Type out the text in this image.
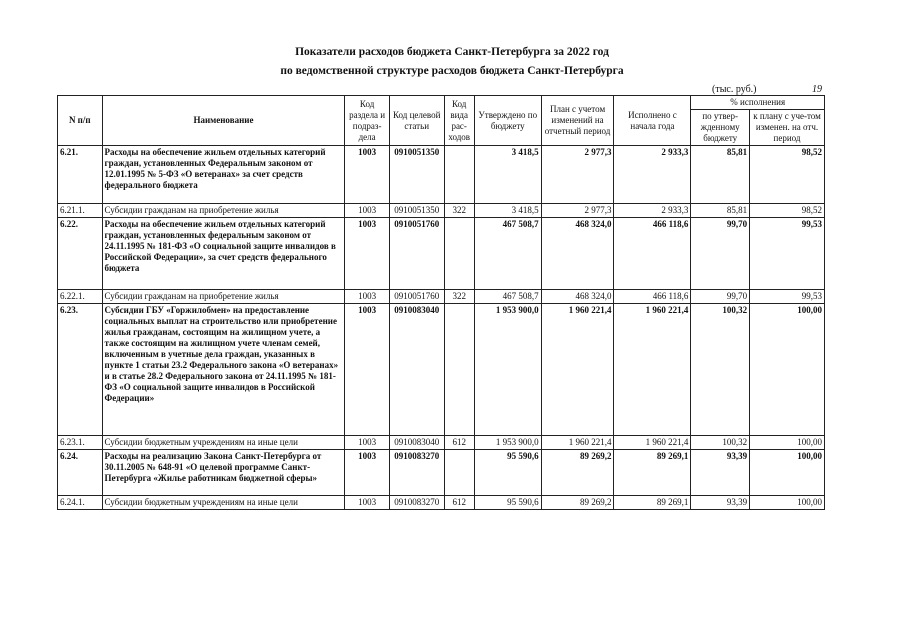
Показатели расходов бюджета Санкт-Петербурга за 2022 год
по ведомственной структуре расходов бюджета Санкт-Петербурга
(тыс. руб.)	19
N п/п	Наименование	Код раздела и подраз-дела	Код целевой статьи	Код вида рас-ходов	Утверждено по бюджету	План с учетом изменений на отчетный период	Исполнено с начала года	% исполнения	
								по утвер-жденному бюджету	к плану с уче-том изменен. на отч. период
6.21.	Расходы на обеспечение жильем отдельных категорий граждан, установленных Федеральным законом от 12.01.1995 № 5-ФЗ «О ветеранах» за счет средств федерального бюджета	1003	0910051350		3 418,5	2 977,3	2 933,3	85,81	98,52
6.21.1.	Субсидии гражданам на приобретение жилья	1003	0910051350	322	3 418,5	2 977,3	2 933,3	85,81	98,52
6.22.	Расходы на обеспечение жильем отдельных категорий граждан, установленных федеральным законом от 24.11.1995 № 181-ФЗ «О социальной защите инвалидов в Российской Федерации», за счет средств федерального бюджета	1003	0910051760		467 508,7	468 324,0	466 118,6	99,70	99,53
6.22.1.	Субсидии гражданам на приобретение жилья	1003	0910051760	322	467 508,7	468 324,0	466 118,6	99,70	99,53
6.23.	Субсидии ГБУ «Горжилобмен» на предоставление социальных выплат на строительство или приобретение жилья гражданам, состоящим на жилищном учете, а также состоящим на жилищном учете членам семей, включенным в учетные дела граждан, указанных в пункте 1 статьи 23.2 Федерального закона «О ветеранах» и в статье 28.2 Федерального закона от 24.11.1995 № 181-ФЗ «О социальной защите инвалидов в Российской Федерации»	1003	0910083040		1 953 900,0	1 960 221,4	1 960 221,4	100,32	100,00
6.23.1.	Субсидии бюджетным учреждениям на иные цели	1003	0910083040	612	1 953 900,0	1 960 221,4	1 960 221,4	100,32	100,00
6.24.	Расходы на реализацию Закона Санкт-Петербурга от 30.11.2005 № 648-91 «О целевой программе Санкт-Петербурга «Жилье работникам бюджетной сферы»	1003	0910083270		95 590,6	89 269,2	89 269,1	93,39	100,00
6.24.1.	Субсидии бюджетным учреждениям на иные цели	1003	0910083270	612	95 590,6	89 269,2	89 269,1	93,39	100,00
